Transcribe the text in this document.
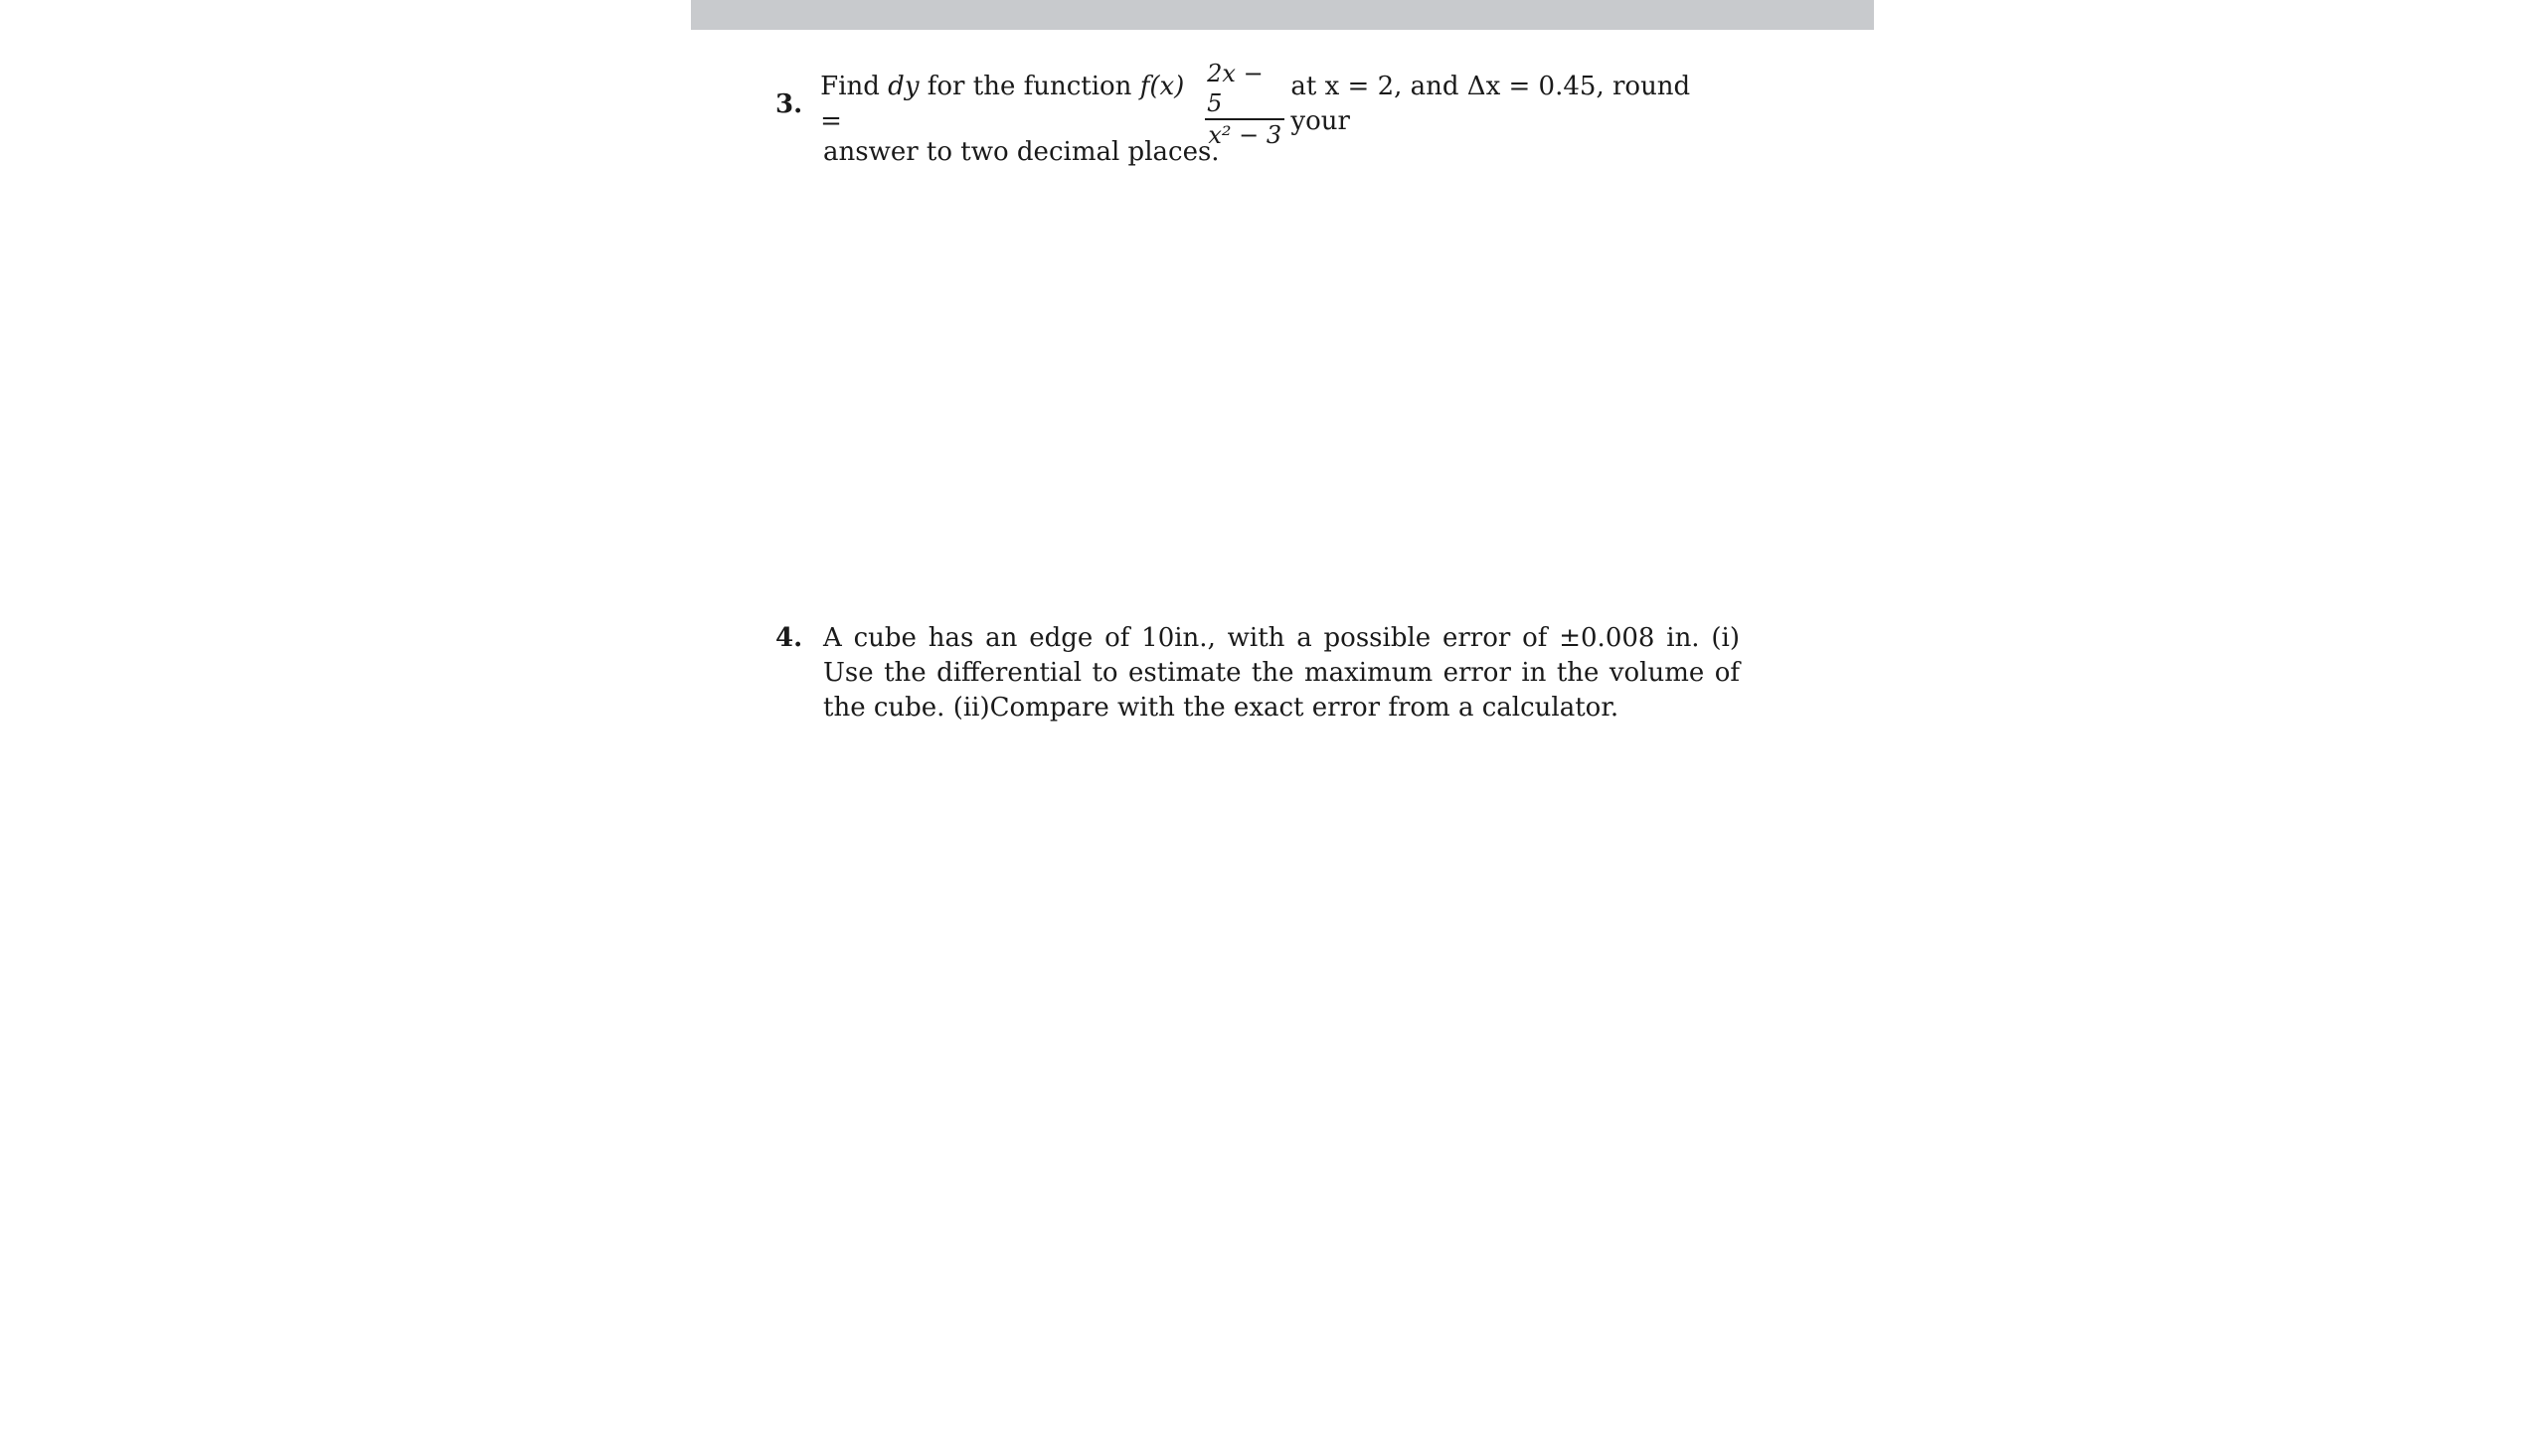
3.
Find dy for the function f(x) =	$\frac{2x - 5}{\text{x² − 3}}$ at x = 2, and Δx = 0.45, round your
answer to two decimal places.
4. A cube has an edge of 10in., with a possible error of ±0.008 in. (i) Use the differential to estimate the maximum error in the volume of the cube. (ii)Compare with the exact error from a calculator.
